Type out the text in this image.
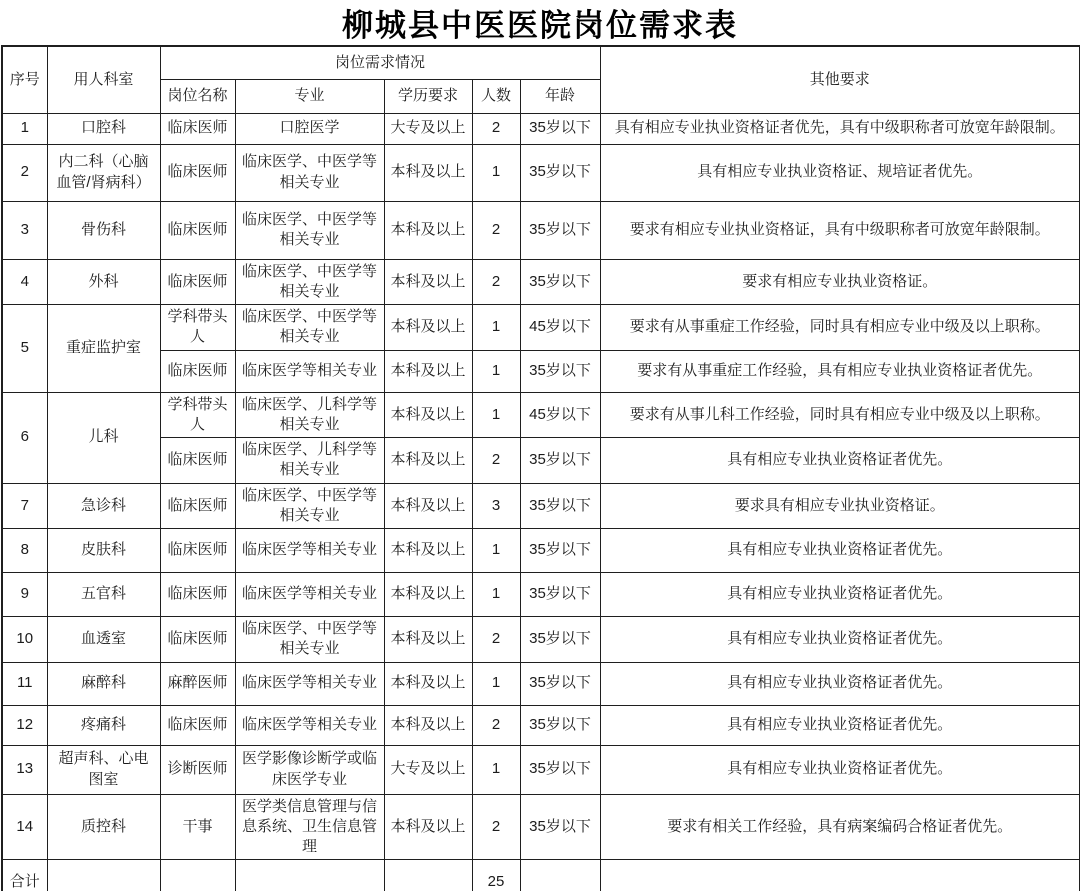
柳城县中医医院岗位需求表
序号	用人科室	岗位需求情况					其他要求
		岗位名称	专业	学历要求	人数	年龄	
1	口腔科	临床医师	口腔医学	大专及以上	2	35岁以下	具有相应专业执业资格证者优先，具有中级职称者可放宽年龄限制。
2	内二科（心脑血管/肾病科）	临床医师	临床医学、中医学等相关专业	本科及以上	1	35岁以下	具有相应专业执业资格证、规培证者优先。
3	骨伤科	临床医师	临床医学、中医学等相关专业	本科及以上	2	35岁以下	要求有相应专业执业资格证，具有中级职称者可放宽年龄限制。
4	外科	临床医师	临床医学、中医学等相关专业	本科及以上	2	35岁以下	要求有相应专业执业资格证。
5	重症监护室	学科带头人	临床医学、中医学等相关专业	本科及以上	1	45岁以下	要求有从事重症工作经验，同时具有相应专业中级及以上职称。
		临床医师	临床医学等相关专业	本科及以上	1	35岁以下	要求有从事重症工作经验，具有相应专业执业资格证者优先。
6	儿科	学科带头人	临床医学、儿科学等相关专业	本科及以上	1	45岁以下	要求有从事儿科工作经验，同时具有相应专业中级及以上职称。
		临床医师	临床医学、儿科学等相关专业	本科及以上	2	35岁以下	具有相应专业执业资格证者优先。
7	急诊科	临床医师	临床医学、中医学等相关专业	本科及以上	3	35岁以下	要求具有相应专业执业资格证。
8	皮肤科	临床医师	临床医学等相关专业	本科及以上	1	35岁以下	具有相应专业执业资格证者优先。
9	五官科	临床医师	临床医学等相关专业	本科及以上	1	35岁以下	具有相应专业执业资格证者优先。
10	血透室	临床医师	临床医学、中医学等相关专业	本科及以上	2	35岁以下	具有相应专业执业资格证者优先。
11	麻醉科	麻醉医师	临床医学等相关专业	本科及以上	1	35岁以下	具有相应专业执业资格证者优先。
12	疼痛科	临床医师	临床医学等相关专业	本科及以上	2	35岁以下	具有相应专业执业资格证者优先。
13	超声科、心电图室	诊断医师	医学影像诊断学或临床医学专业	大专及以上	1	35岁以下	具有相应专业执业资格证者优先。
14	质控科	干事	医学类信息管理与信息系统、卫生信息管理	本科及以上	2	35岁以下	要求有相关工作经验，具有病案编码合格证者优先。
合计					25		
